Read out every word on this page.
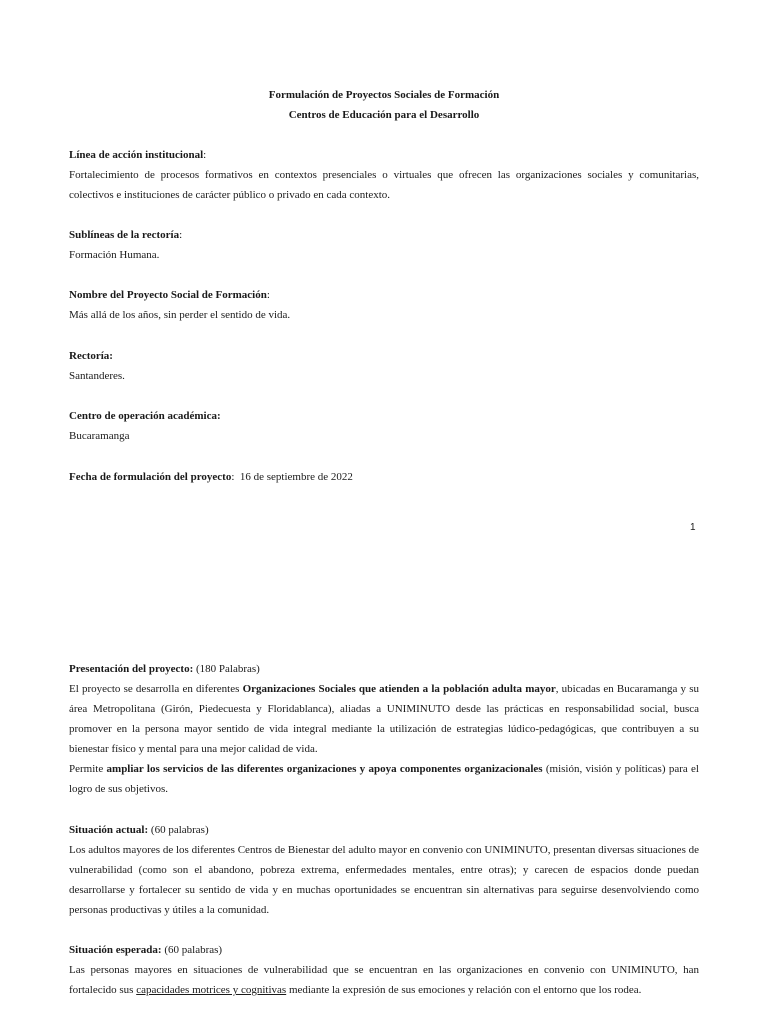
Formulación de Proyectos Sociales de Formación
Centros de Educación para el Desarrollo
Línea de acción institucional:
Fortalecimiento de procesos formativos en contextos presenciales o virtuales que ofrecen las organizaciones sociales y comunitarias, colectivos e instituciones de carácter público o privado en cada contexto.
Sublíneas de la rectoría:
Formación Humana.
Nombre del Proyecto Social de Formación:
Más allá de los años, sin perder el sentido de vida.
Rectoría:
Santanderes.
Centro de operación académica:
Bucaramanga
Fecha de formulación del proyecto: 16 de septiembre de 2022
1
Presentación del proyecto: (180 Palabras)
El proyecto se desarrolla en diferentes Organizaciones Sociales que atienden a la población adulta mayor, ubicadas en Bucaramanga y su área Metropolitana (Girón, Piedecuesta y Floridablanca), aliadas a UNIMINUTO desde las prácticas en responsabilidad social, busca promover en la persona mayor sentido de vida integral mediante la utilización de estrategias lúdico-pedagógicas, que contribuyen a su bienestar físico y mental para una mejor calidad de vida.
Permite ampliar los servicios de las diferentes organizaciones y apoya componentes organizacionales (misión, visión y políticas) para el logro de sus objetivos.
Situación actual: (60 palabras)
Los adultos mayores de los diferentes Centros de Bienestar del adulto mayor en convenio con UNIMINUTO, presentan diversas situaciones de vulnerabilidad (como son el abandono, pobreza extrema, enfermedades mentales, entre otras); y carecen de espacios donde puedan desarrollarse y fortalecer su sentido de vida y en muchas oportunidades se encuentran sin alternativas para seguirse desenvolviendo como personas productivas y útiles a la comunidad.
Situación esperada: (60 palabras)
Las personas mayores en situaciones de vulnerabilidad que se encuentran en las organizaciones en convenio con UNIMINUTO, han fortalecido sus capacidades motrices y cognitivas mediante la expresión de sus emociones y relación con el entorno que los rodea.
